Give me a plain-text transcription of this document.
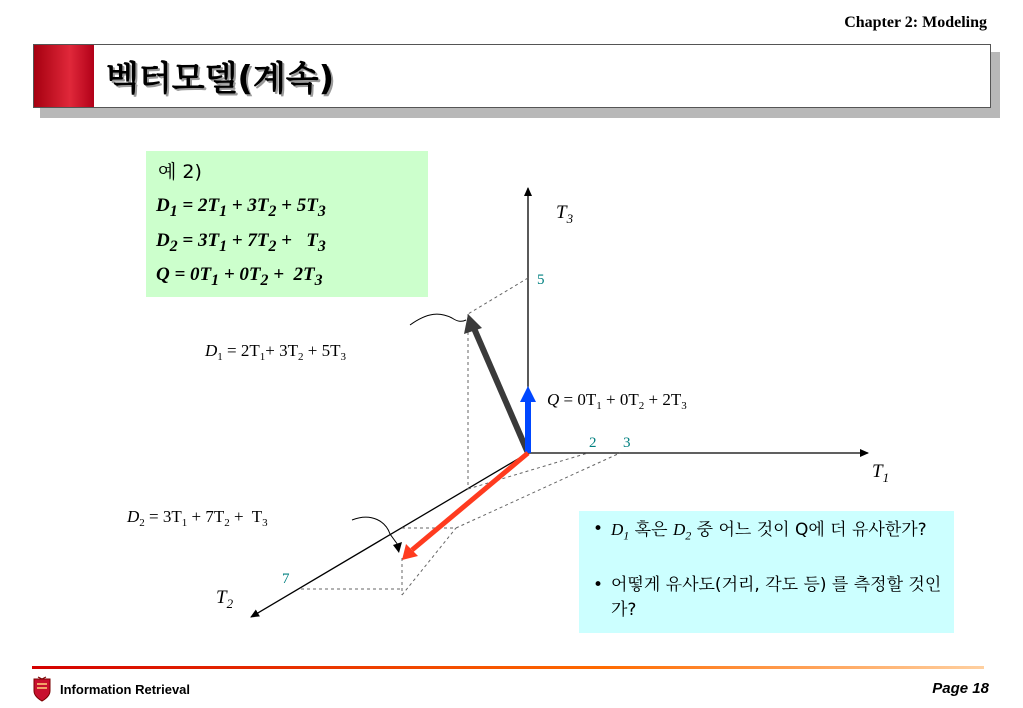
Chapter 2: Modeling
벡터모델(계속)
예 2)
$D_1 = 2T_1 + 3T_2 + 5T_3$
$D_2 = 3T_1 + 7T_2 + T_3$
$Q = 0T_1 + 0T_2 + 2T_3$
$T_3$
$T_1$
$T_2$
5
2 3
7
$D_1 = 2T_1+ 3T_2 + 5T_3$
$Q = 0T_1 + 0T_2 + 2T_3$
$D_2 = 3T_1 + 7T_2 + T_3$	• $D_1$ 혹은 $D_2$ 중 어느 것이 Q에 더 유사한가?
• 어떻게 유사도(거리, 각도 등) 를 측정할 것인가?
Information Retrieval	Page 18
